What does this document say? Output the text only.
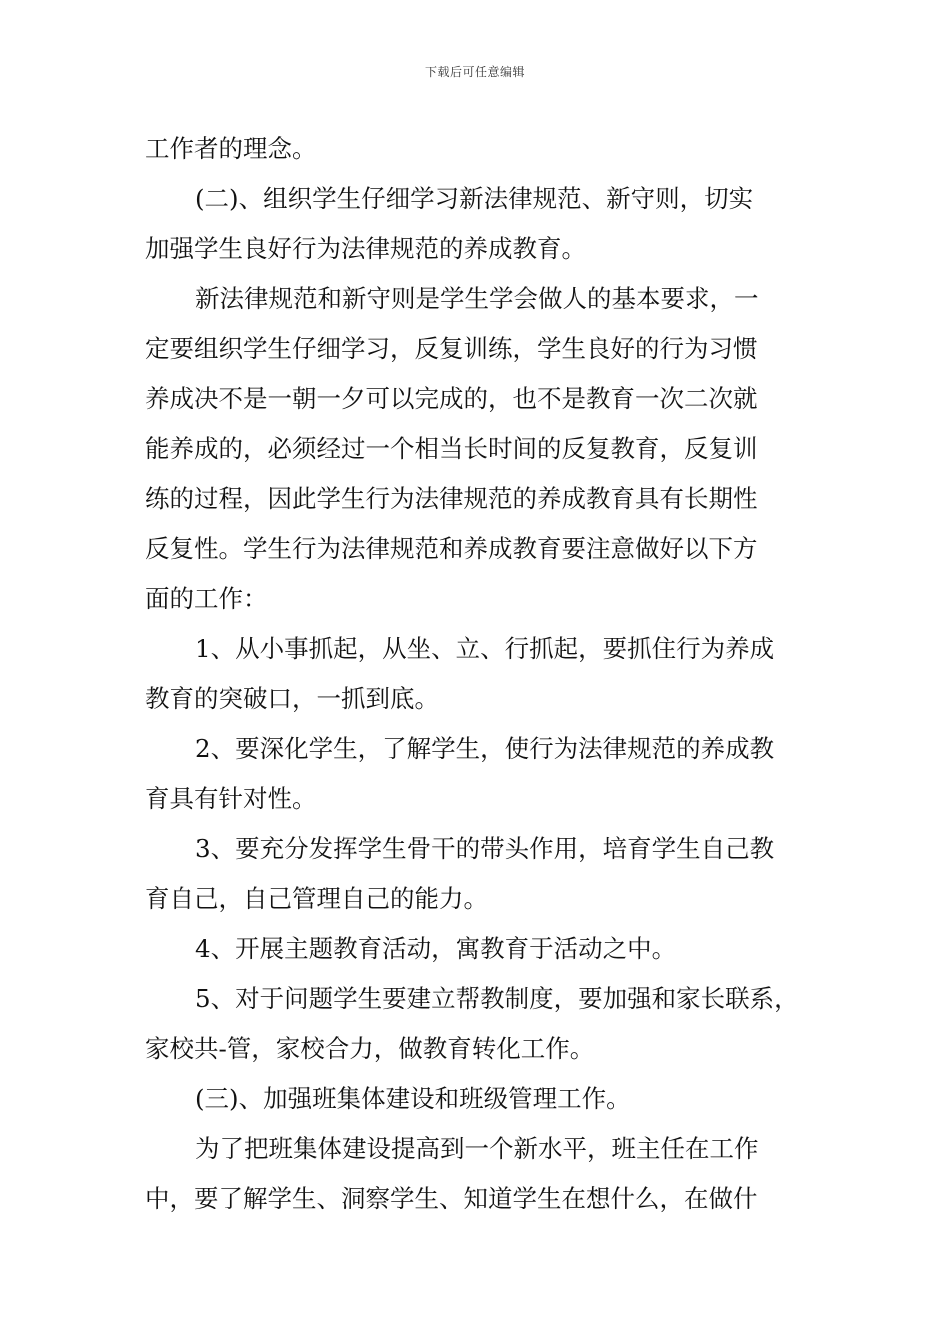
下载后可任意编辑
工作者的理念。
(二)、组织学生仔细学习新法律规范、新守则，切实
加强学生良好行为法律规范的养成教育。
新法律规范和新守则是学生学会做人的基本要求，一
定要组织学生仔细学习，反复训练，学生良好的行为习惯
养成决不是一朝一夕可以完成的，也不是教育一次二次就
能养成的，必须经过一个相当长时间的反复教育，反复训
练的过程，因此学生行为法律规范的养成教育具有长期性
反复性。学生行为法律规范和养成教育要注意做好以下方
面的工作：
1、从小事抓起，从坐、立、行抓起，要抓住行为养成
教育的突破口，一抓到底。
2、要深化学生，了解学生，使行为法律规范的养成教
育具有针对性。
3、要充分发挥学生骨干的带头作用，培育学生自己教
育自己，自己管理自己的能力。
4、开展主题教育活动，寓教育于活动之中。
5、对于问题学生要建立帮教制度，要加强和家长联系，
家校共-管，家校合力，做教育转化工作。
(三)、加强班集体建设和班级管理工作。
为了把班集体建设提高到一个新水平，班主任在工作
中，要了解学生、洞察学生、知道学生在想什么，在做什
